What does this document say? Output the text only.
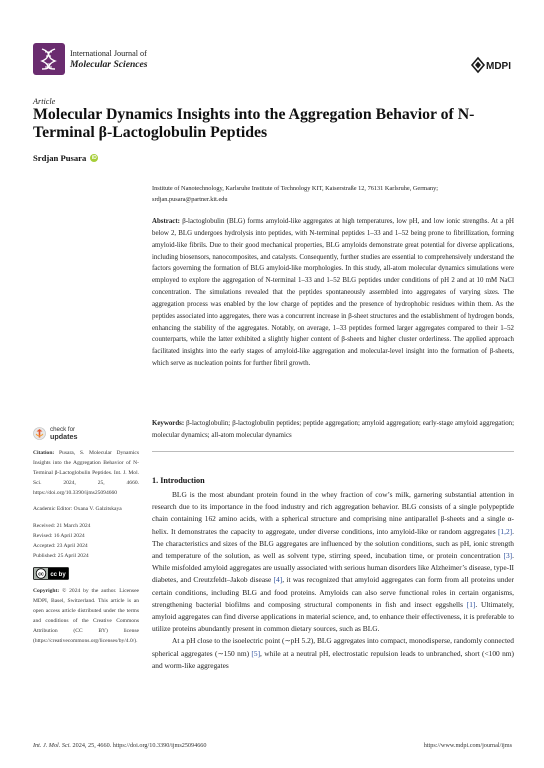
International Journal of
Molecular Sciences	MDPI
Article
Molecular Dynamics Insights into the Aggregation Behavior of N-Terminal β-Lactoglobulin Peptides
Srdjan Pusara	iD
Institute of Nanotechnology, Karlsruhe Institute of Technology KIT, Kaiserstraße 12, 76131 Karlsruhe, Germany; srdjan.pusara@partner.kit.edu
Abstract: β-lactoglobulin (BLG) forms amyloid-like aggregates at high temperatures, low pH, and low ionic strengths. At a pH below 2, BLG undergoes hydrolysis into peptides, with N-terminal peptides 1–33 and 1–52 being prone to fibrillization, forming amyloid-like fibrils. Due to their good mechanical properties, BLG amyloids demonstrate great potential for diverse applications, including biosensors, nanocomposites, and catalysts. Consequently, further studies are essential to comprehensively understand the factors governing the formation of BLG amyloid-like morphologies. In this study, all-atom molecular dynamics simulations were employed to explore the aggregation of N-terminal 1–33 and 1–52 BLG peptides under conditions of pH 2 and at 10 mM NaCl concentration. The simulations revealed that the peptides spontaneously assembled into aggregates of varying sizes. The aggregation process was enabled by the low charge of peptides and the presence of hydrophobic residues within them. As the peptides associated into aggregates, there was a concurrent increase in β-sheet structures and the establishment of hydrogen bonds, enhancing the stability of the aggregates. Notably, on average, 1–33 peptides formed larger aggregates compared to their 1–52 counterparts, while the latter exhibited a slightly higher content of β-sheets and higher cluster orderliness. The applied approach facilitated insights into the early stages of amyloid-like aggregation and molecular-level insight into the formation of β-sheets, which serve as nucleation points for further fibril growth.
Keywords: β-lactoglobulin; β-lactoglobulin peptides; peptide aggregation; amyloid aggregation; early-stage amyloid aggregation; molecular dynamics; all-atom molecular dynamics
check for
updates

Citation: Pusara, S. Molecular Dynamics Insights into the Aggregation Behavior of N-Terminal β-Lactoglobulin Peptides. Int. J. Mol. Sci. 2024, 25, 4660. https://doi.org/10.3390/ijms25094660

Academic Editor: Oxana V. Galzitskaya

Received: 21 March 2024

Revised: 16 April 2024

Accepted: 23 April 2024

Published: 25 April 2024

cc cc by

Copyright: © 2024 by the author. Licensee MDPI, Basel, Switzerland. This article is an open access article distributed under the terms and conditions of the Creative Commons Attribution (CC BY) license (https://creativecommons.org/licenses/by/4.0/).

1. Introduction

BLG is the most abundant protein found in the whey fraction of cow’s milk, garnering substantial attention in research due to its importance in the food industry and rich aggregation behavior. BLG consists of a single polypeptide chain containing 162 amino acids, with a spherical structure and comprising nine antiparallel β-sheets and a single α-helix. It demonstrates the capacity to aggregate, under diverse conditions, into amyloid-like or random aggregates [1,2]. The characteristics and sizes of the BLG aggregates are influenced by the solution conditions, such as pH, ionic strength and temperature of the solution, as well as solvent type, stirring speed, incubation time, or protein concentration [3]. While misfolded amyloid aggregates are usually associated with serious human disorders like Alzheimer’s disease, type-II diabetes, and Creutzfeldt–Jakob disease [4], it was recognized that amyloid aggregates can form from all proteins under certain conditions, including BLG and food proteins. Amyloids can also serve functional roles in certain organisms, strengthening bacterial biofilms and composing structural components in fish and insect eggshells [1]. Ultimately, amyloid aggregates can find diverse applications in material science, and, to enhance their effectiveness, it is preferable to utilize proteins abundantly present in common dietary sources, such as BLG.

At a pH close to the isoelectric point (∼pH 5.2), BLG aggregates into compact, monodisperse, randomly connected spherical aggregates (∼150 nm) [5], while at a neutral pH, electrostatic repulsion leads to unbranched, short (<100 nm) and worm-like aggregates

Int. J. Mol. Sci. 2024, 25, 4660. https://doi.org/10.3390/ijms25094660	https://www.mdpi.com/journal/ijms
